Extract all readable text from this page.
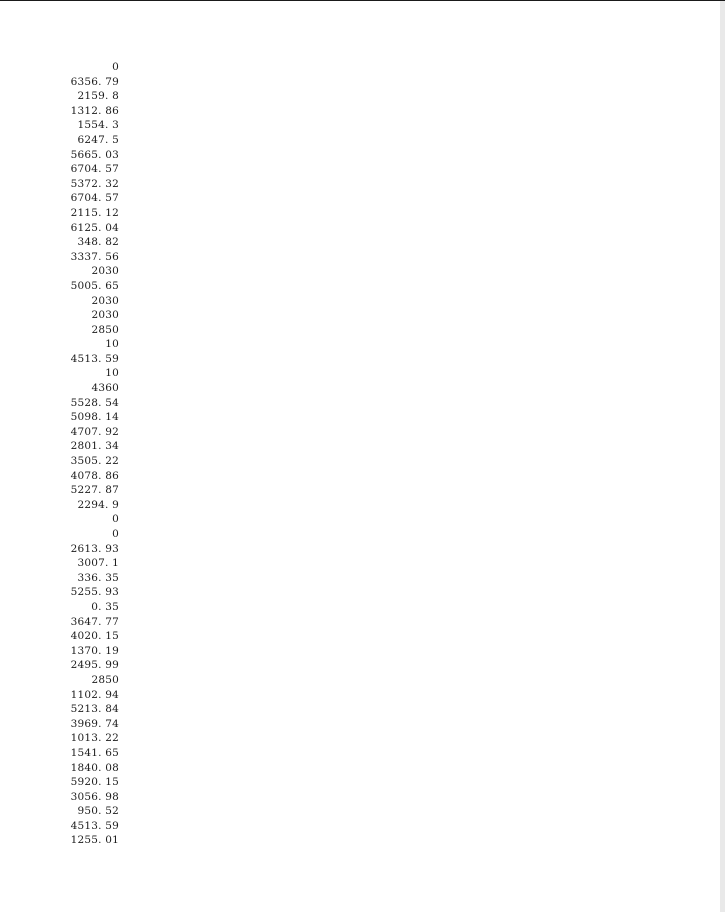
0
6356. 79
2159. 8
1312. 86
1554. 3
6247. 5
5665. 03
6704. 57
5372. 32
6704. 57
2115. 12
6125. 04
348. 82
3337. 56
2030
5005. 65
2030
2030
2850
10
4513. 59
10
4360
5528. 54
5098. 14
4707. 92
2801. 34
3505. 22
4078. 86
5227. 87
2294. 9
0
0
2613. 93
3007. 1
336. 35
5255. 93
0. 35
3647. 77
4020. 15
1370. 19
2495. 99
2850
1102. 94
5213. 84
3969. 74
1013. 22
1541. 65
1840. 08
5920. 15
3056. 98
950. 52
4513. 59
1255. 01
